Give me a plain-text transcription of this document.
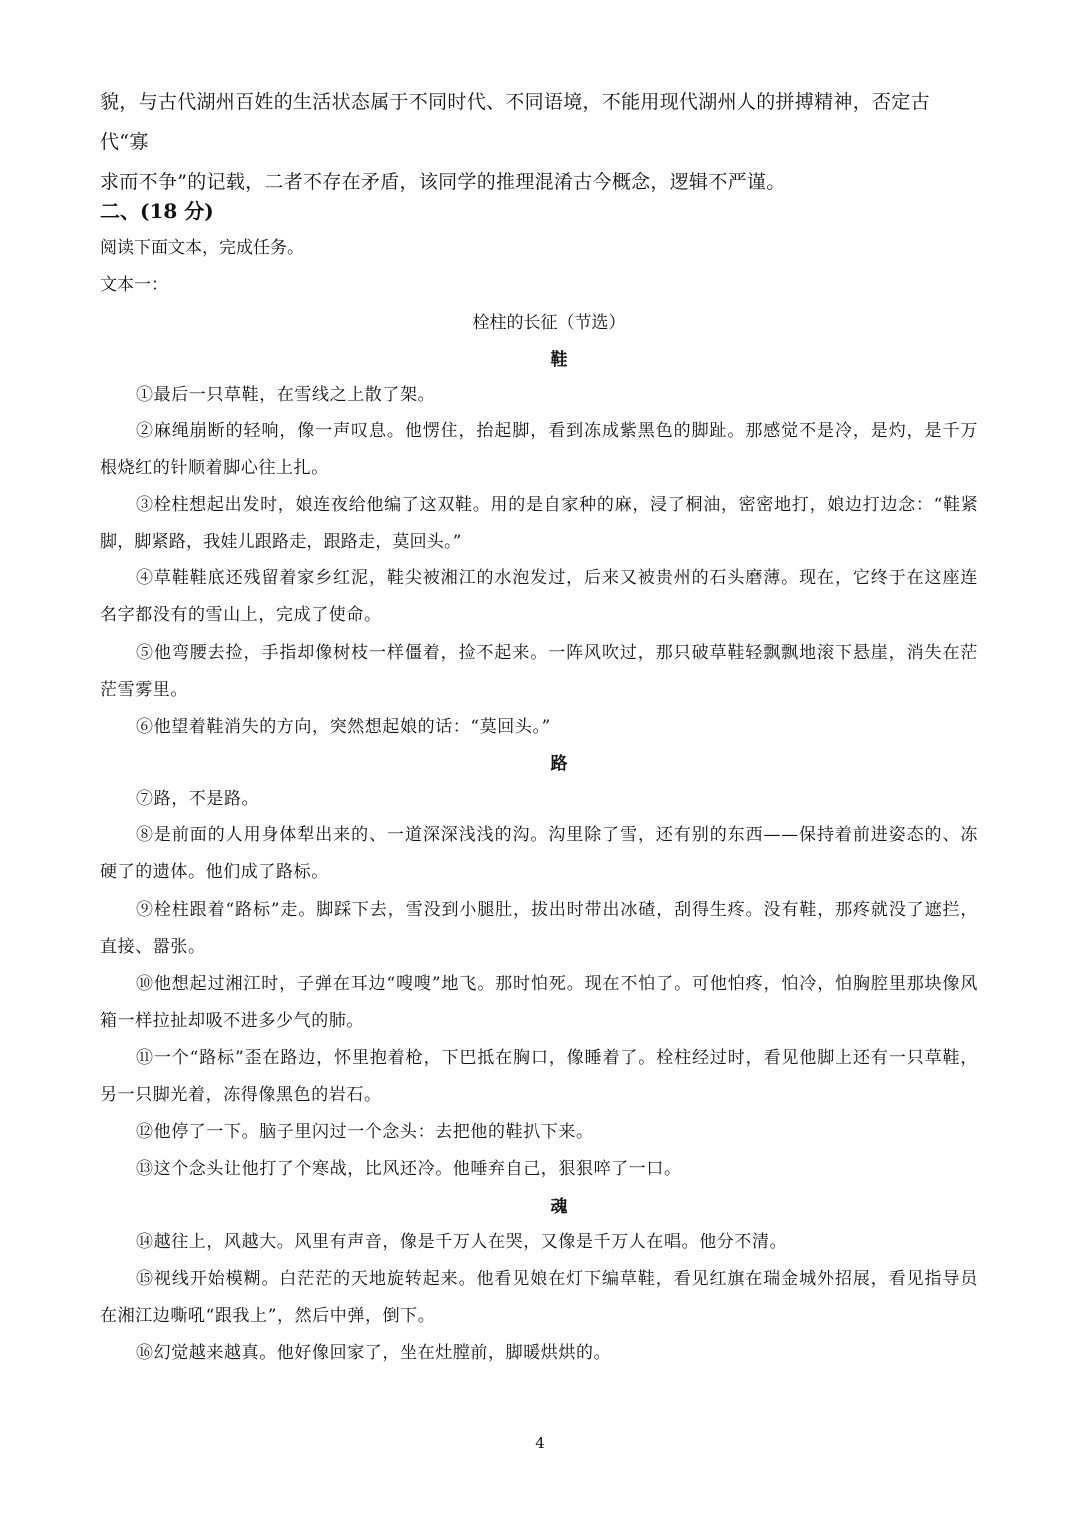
貌，与古代湖州百姓的生活状态属于不同时代、不同语境，不能用现代湖州人的拼搏精神，否定古代“寡

求而不争”的记载，二者不存在矛盾，该同学的推理混淆古今概念，逻辑不严谨。

二、(18 分)

阅读下面文本，完成任务。

文本一：

栓柱的长征（节选）

鞋

①最后一只草鞋，在雪线之上散了架。

②麻绳崩断的轻响，像一声叹息。他愣住，抬起脚，看到冻成紫黑色的脚趾。那感觉不是冷，是灼，是千万根烧红的针顺着脚心往上扎。

③栓柱想起出发时，娘连夜给他编了这双鞋。用的是自家种的麻，浸了桐油，密密地打，娘边打边念：“鞋紧脚，脚紧路，我娃儿跟路走，跟路走，莫回头。”

④草鞋鞋底还残留着家乡红泥，鞋尖被湘江的水泡发过，后来又被贵州的石头磨薄。现在，它终于在这座连名字都没有的雪山上，完成了使命。

⑤他弯腰去捡，手指却像树枝一样僵着，捡不起来。一阵风吹过，那只破草鞋轻飘飘地滚下悬崖，消失在茫茫雪雾里。

⑥他望着鞋消失的方向，突然想起娘的话：“莫回头。”

路

⑦路，不是路。

⑧是前面的人用身体犁出来的、一道深深浅浅的沟。沟里除了雪，还有别的东西——保持着前进姿态的、冻硬了的遗体。他们成了路标。

⑨栓柱跟着“路标”走。脚踩下去，雪没到小腿肚，拔出时带出冰碴，刮得生疼。没有鞋，那疼就没了遮拦，直接、嚣张。

⑩他想起过湘江时，子弹在耳边“嗖嗖”地飞。那时怕死。现在不怕了。可他怕疼，怕冷，怕胸腔里那块像风箱一样拉扯却吸不进多少气的肺。

⑪一个“路标”歪在路边，怀里抱着枪，下巴抵在胸口，像睡着了。栓柱经过时，看见他脚上还有一只草鞋，另一只脚光着，冻得像黑色的岩石。

⑫他停了一下。脑子里闪过一个念头：去把他的鞋扒下来。

⑬这个念头让他打了个寒战，比风还冷。他唾弃自己，狠狠啐了一口。

魂

⑭越往上，风越大。风里有声音，像是千万人在哭，又像是千万人在唱。他分不清。

⑮视线开始模糊。白茫茫的天地旋转起来。他看见娘在灯下编草鞋，看见红旗在瑞金城外招展，看见指导员在湘江边嘶吼“跟我上”，然后中弹，倒下。

⑯幻觉越来越真。他好像回家了，坐在灶膛前，脚暖烘烘的。

4
